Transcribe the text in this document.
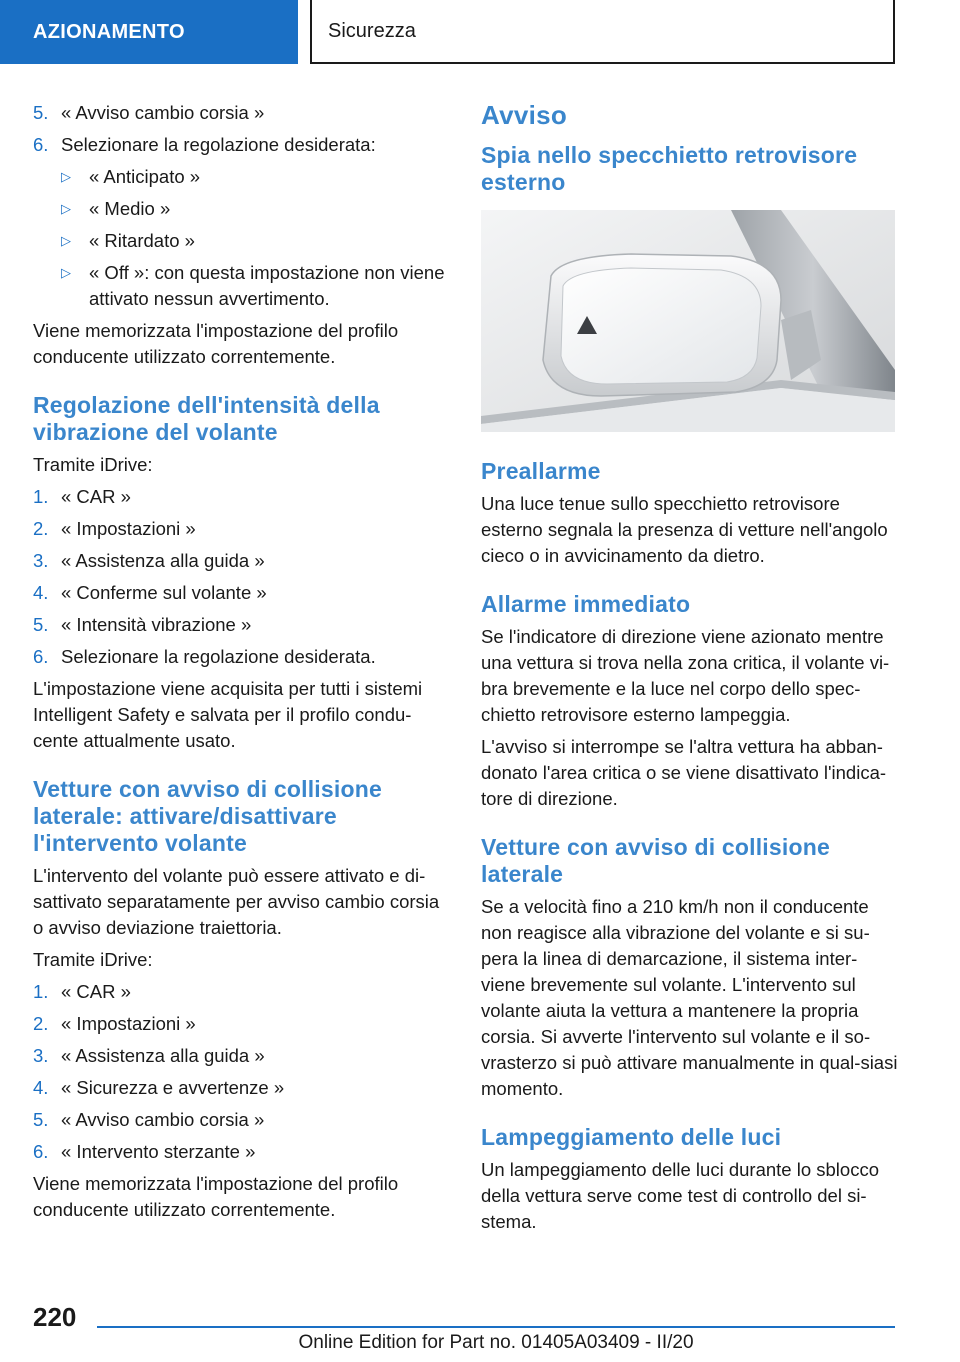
AZIONAMENTO	Sicurezza
5. « Avviso cambio corsia »
6. Selezionare la regolazione desiderata:
▷ « Anticipato »
▷ « Medio »
▷ « Ritardato »
▷ « Off »: con questa impostazione non viene attivato nessun avvertimento.

Viene memorizzata l'impostazione del profilo conducente utilizzato correntemente.

Regolazione dell'intensità della vibrazione del volante

Tramite iDrive:

1. « CAR »
2. « Impostazioni »
3. « Assistenza alla guida »
4. « Conferme sul volante »
5. « Intensità vibrazione »
6. Selezionare la regolazione desiderata.

L'impostazione viene acquisita per tutti i sistemi Intelligent Safety e salvata per il profilo condu-cente attualmente usato.

Vetture con avviso di collisione laterale: attivare/disattivare l'intervento volante

L'intervento del volante può essere attivato e di-sattivato separatamente per avviso cambio corsia o avviso deviazione traiettoria.

Tramite iDrive:

1. « CAR »
2. « Impostazioni »
3. « Assistenza alla guida »
4. « Sicurezza e avvertenze »
5. « Avviso cambio corsia »
6. « Intervento sterzante »

Viene memorizzata l'impostazione del profilo conducente utilizzato correntemente.

Avviso
Spia nello specchietto retrovisore esterno
Preallarme

Una luce tenue sullo specchietto retrovisore esterno segnala la presenza di vetture nell'angolo cieco o in avvicinamento da dietro.

Allarme immediato

Se l'indicatore di direzione viene azionato mentre una vettura si trova nella zona critica, il volante vi-bra brevemente e la luce nel corpo dello spec-chietto retrovisore esterno lampeggia.

L'avviso si interrompe se l'altra vettura ha abban-donato l'area critica o se viene disattivato l'indica-tore di direzione.

Vetture con avviso di collisione laterale

Se a velocità fino a 210 km/h non il conducente non reagisce alla vibrazione del volante e si su-pera la linea di demarcazione, il sistema inter-viene brevemente sul volante. L'intervento sul volante aiuta la vettura a mantenere la propria corsia. Si avverte l'intervento sul volante e il so-vrasterzo si può attivare manualmente in qual-siasi momento.

Lampeggiamento delle luci

Un lampeggiamento delle luci durante lo sblocco della vettura serve come test di controllo del si-stema.

220
Online Edition for Part no. 01405A03409 - II/20
